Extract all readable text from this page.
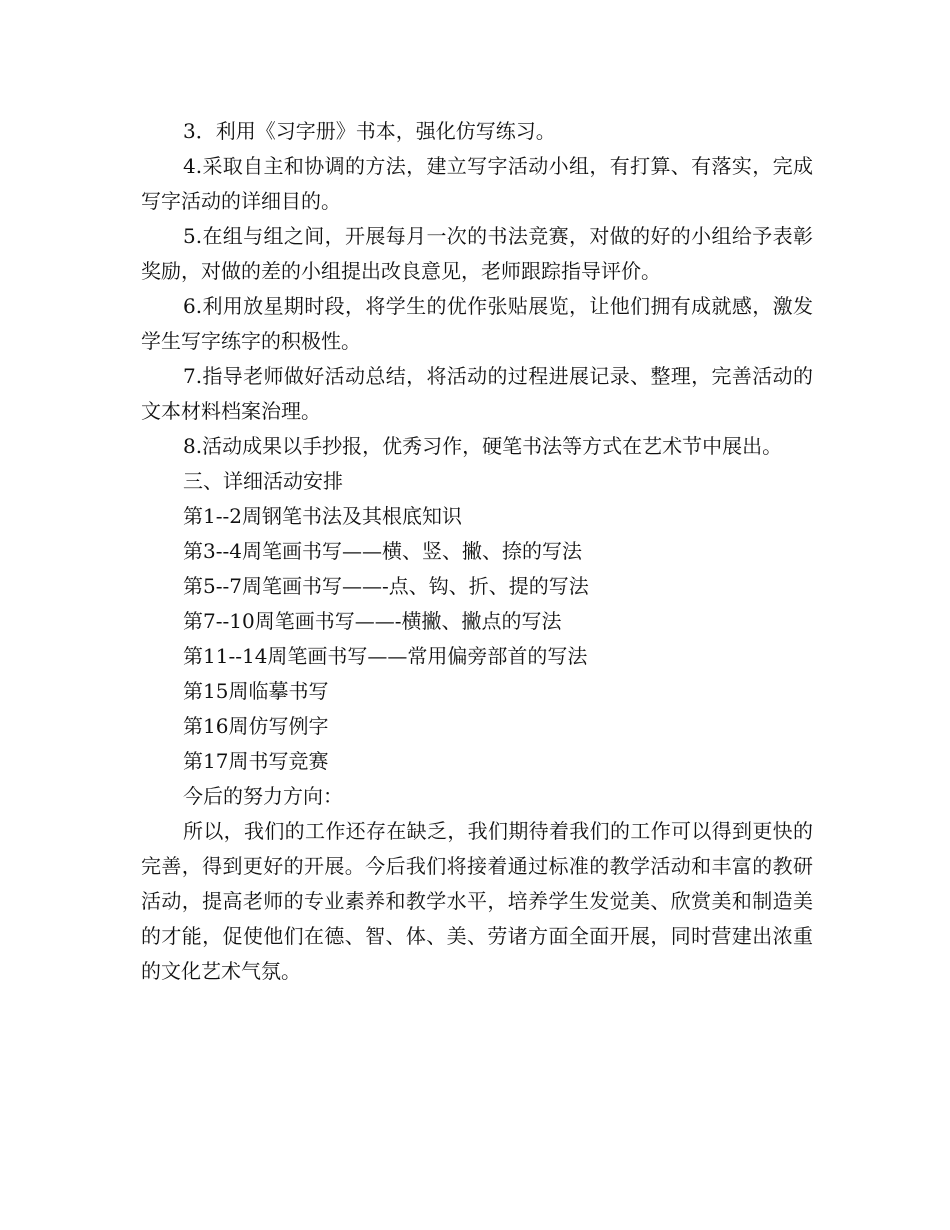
3．利用《习字册》书本，强化仿写练习。

4.采取自主和协调的方法，建立写字活动小组，有打算、有落实，完成写字活动的详细目的。

5.在组与组之间，开展每月一次的书法竞赛，对做的好的小组给予表彰奖励，对做的差的小组提出改良意见，老师跟踪指导评价。

6.利用放星期时段，将学生的优作张贴展览，让他们拥有成就感，激发学生写字练字的积极性。

7.指导老师做好活动总结，将活动的过程进展记录、整理，完善活动的文本材料档案治理。

8.活动成果以手抄报，优秀习作，硬笔书法等方式在艺术节中展出。

三、详细活动安排

第1--2周钢笔书法及其根底知识

第3--4周笔画书写——横、竖、撇、捺的写法

第5--7周笔画书写——-点、钩、折、提的写法

第7--10周笔画书写——-横撇、撇点的写法

第11--14周笔画书写——常用偏旁部首的写法

第15周临摹书写

第16周仿写例字

第17周书写竞赛

今后的努力方向：

所以，我们的工作还存在缺乏，我们期待着我们的工作可以得到更快的完善，得到更好的开展。今后我们将接着通过标准的教学活动和丰富的教研活动，提高老师的专业素养和教学水平，培养学生发觉美、欣赏美和制造美的才能，促使他们在德、智、体、美、劳诸方面全面开展，同时营建出浓重的文化艺术气氛。
